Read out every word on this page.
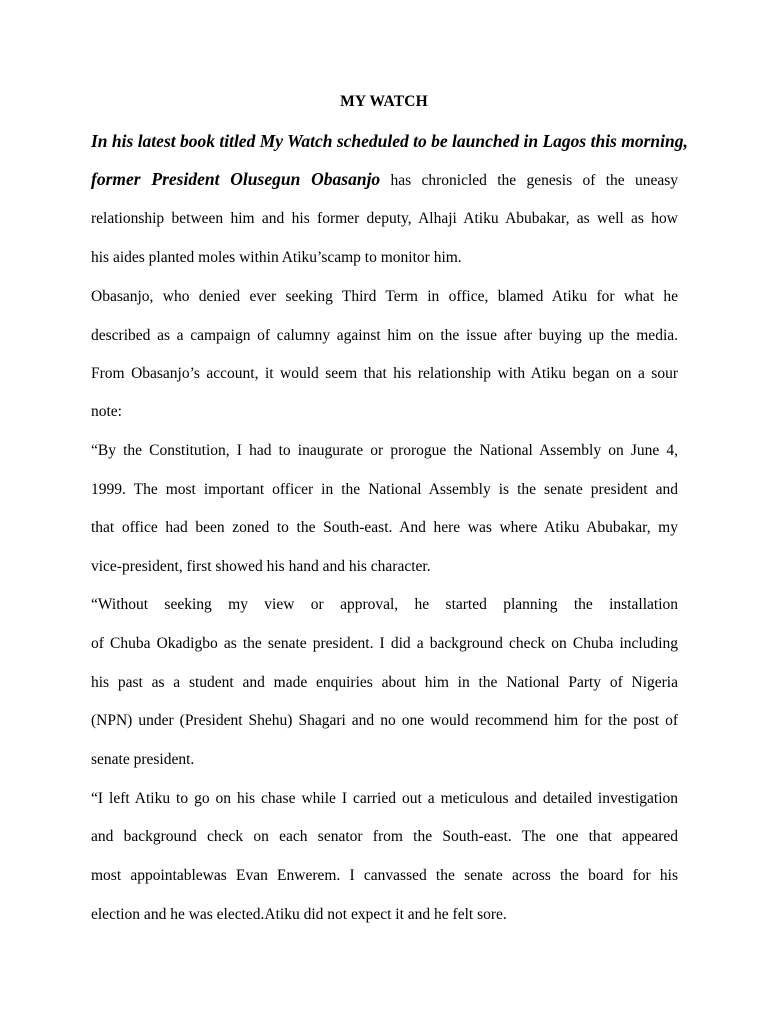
MY WATCH
In his latest book titled My Watch scheduled to be launched in Lagos this morning,
former President Olusegun Obasanjo has chronicled the genesis of the uneasy
relationship between him and his former deputy, Alhaji Atiku Abubakar, as well as how
his aides planted moles within Atiku’scamp to monitor him.
Obasanjo, who denied ever seeking Third Term in office, blamed Atiku for what he
described as a campaign of calumny against him on the issue after buying up the media.
From Obasanjo’s account, it would seem that his relationship with Atiku began on a sour
note:
“By the Constitution, I had to inaugurate or prorogue the National Assembly on June 4,
1999. The most important officer in the National Assembly is the senate president and
that office had been zoned to the South-east. And here was where Atiku Abubakar, my
vice-president, first showed his hand and his character.
“Without seeking my view or approval, he started planning the installation
of Chuba Okadigbo as the senate president. I did a background check on Chuba including
his past as a student and made enquiries about him in the National Party of Nigeria
(NPN) under (President Shehu) Shagari and no one would recommend him for the post of
senate president.
“I left Atiku to go on his chase while I carried out a meticulous and detailed investigation
and background check on each senator from the South-east. The one that appeared
most appointablewas Evan Enwerem. I canvassed the senate across the board for his
election and he was elected.Atiku did not expect it and he felt sore.
